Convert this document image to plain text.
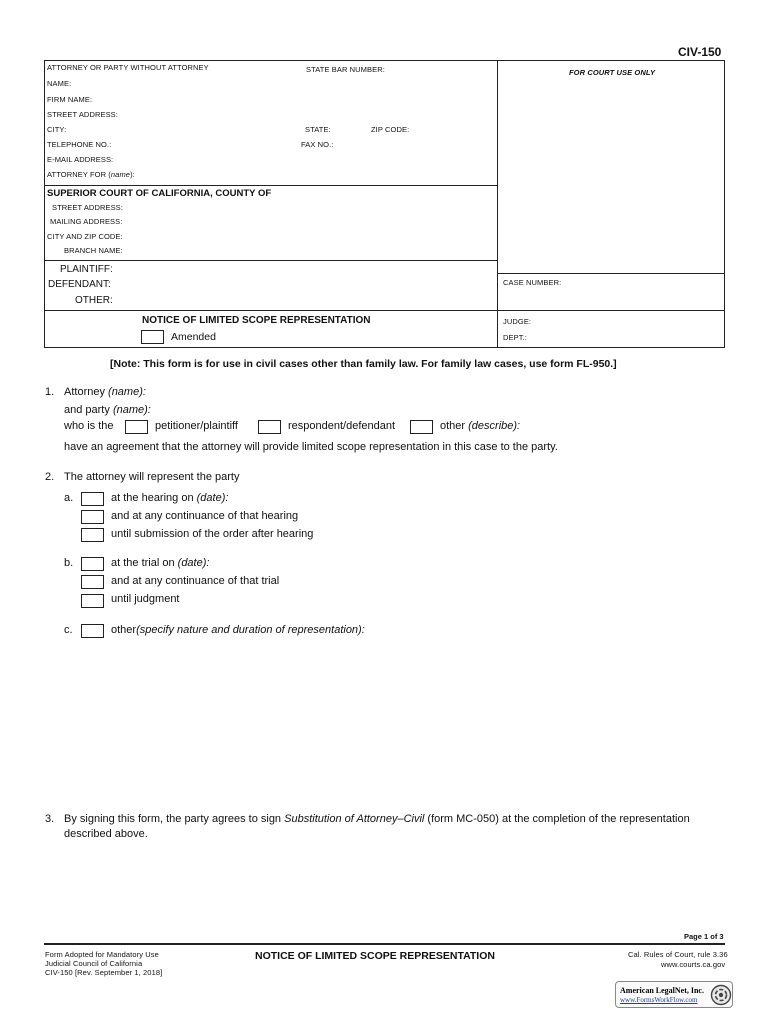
CIV-150
ATTORNEY OR PARTY WITHOUT ATTORNEY	STATE BAR NUMBER:	FOR COURT USE ONLY
NAME:
FIRM NAME:
STREET ADDRESS:
CITY:	STATE:	ZIP CODE:
TELEPHONE NO.:	FAX NO.:
E-MAIL ADDRESS:
ATTORNEY FOR (name):
SUPERIOR COURT OF CALIFORNIA, COUNTY OF
STREET ADDRESS:
MAILING ADDRESS:
CITY AND ZIP CODE:
BRANCH NAME:
PLAINTIFF:
DEFENDANT:
OTHER:
CASE NUMBER:
NOTICE OF LIMITED SCOPE REPRESENTATION
Amended
JUDGE:
DEPT.:
[Note: This form is for use in civil cases other than family law. For family law cases, use form FL-950.]
1. Attorney (name):
and party (name):
who is the	petitioner/plaintiff	respondent/defendant	other (describe):
have an agreement that the attorney will provide limited scope representation in this case to the party.
2. The attorney will represent the party
a.	at the hearing on (date):
and at any continuance of that hearing
until submission of the order after hearing
b.	at the trial on (date):
and at any continuance of that trial
until judgment
c.	other(specify nature and duration of representation):
3. By signing this form, the party agrees to sign Substitution of Attorney–Civil (form MC-050) at the completion of the representation
described above.
Page 1 of 3
Form Adopted for Mandatory Use
Judicial Council of California
CIV-150 [Rev. September 1, 2018]
NOTICE OF LIMITED SCOPE REPRESENTATION	Cal. Rules of Court, rule 3.36
www.courts.ca.gov
American LegalNet, Inc.
www.FormsWorkFlow.com
